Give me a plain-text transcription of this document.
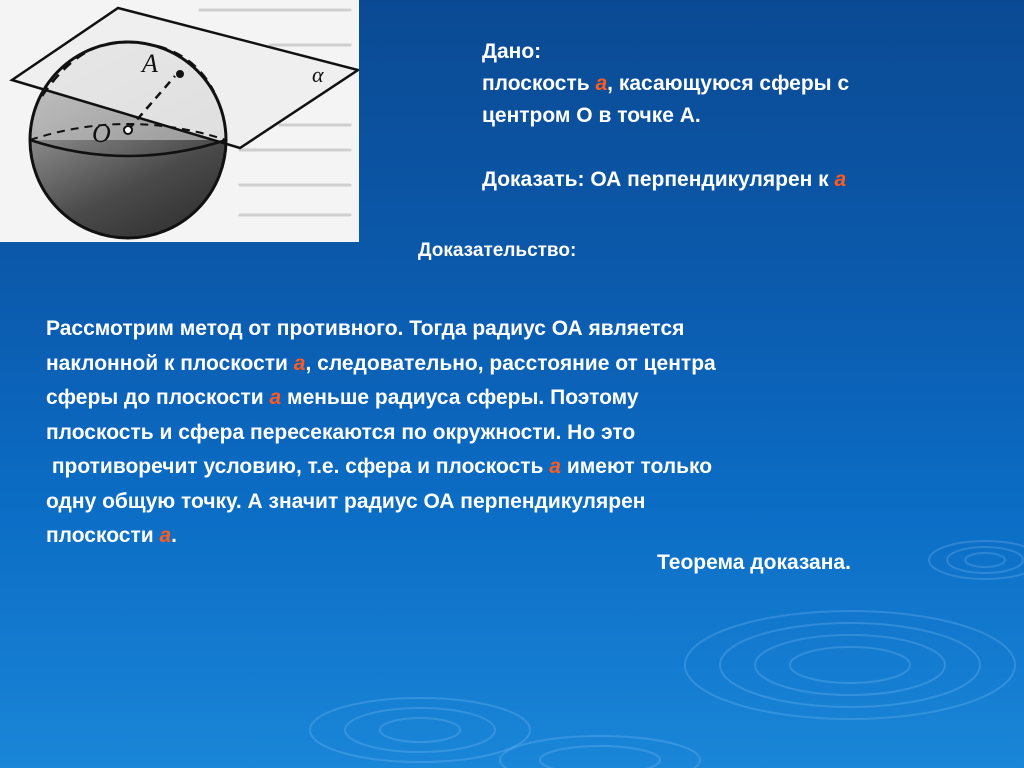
A
O
α
Дано:
плоскость a, касающуюся сферы с
центром О в точке А.
Доказать: ОА перпендикулярен к a
Доказательство:
Рассмотрим метод от противного. Тогда радиус ОА является
наклонной к плоскости a, следовательно, расстояние от центра
сферы до плоскости a меньше радиуса сферы. Поэтому
плоскость и сфера пересекаются по окружности. Но это
противоречит условию, т.е. сфера и плоскость a имеют только
одну общую точку. А значит радиус ОА перпендикулярен
плоскости a.
Теорема доказана.
